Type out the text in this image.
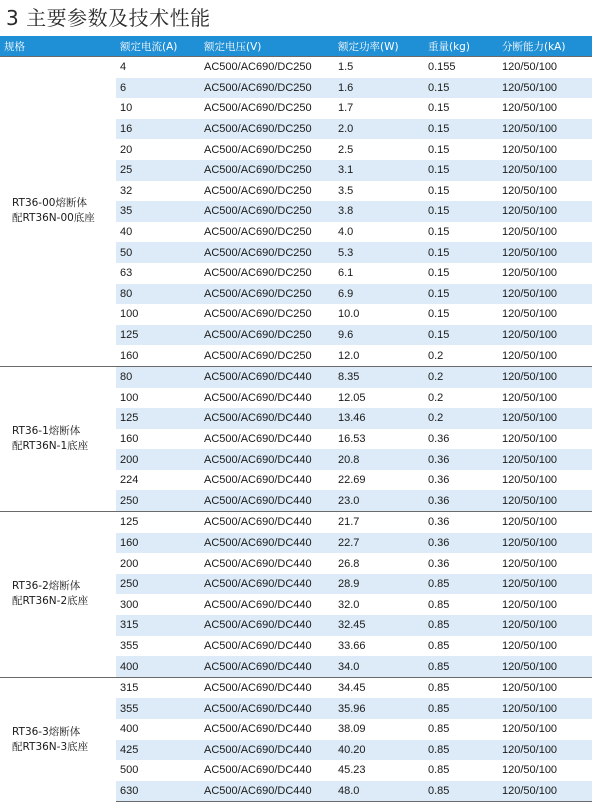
3 主要参数及技术性能
规格	额定电流(A)	额定电压(V)	额定功率(W)	重量(kg)	分断能力(kA)

RT36-00熔断体
配RT36N-00底座	4	AC500/AC690/DC250	1.5	0.155	120/50/100
	6	AC500/AC690/DC250	1.6	0.15	120/50/100
	10	AC500/AC690/DC250	1.7	0.15	120/50/100
	16	AC500/AC690/DC250	2.0	0.15	120/50/100
	20	AC500/AC690/DC250	2.5	0.15	120/50/100
	25	AC500/AC690/DC250	3.1	0.15	120/50/100
	32	AC500/AC690/DC250	3.5	0.15	120/50/100
	35	AC500/AC690/DC250	3.8	0.15	120/50/100
	40	AC500/AC690/DC250	4.0	0.15	120/50/100
	50	AC500/AC690/DC250	5.3	0.15	120/50/100
	63	AC500/AC690/DC250	6.1	0.15	120/50/100
	80	AC500/AC690/DC250	6.9	0.15	120/50/100
	100	AC500/AC690/DC250	10.0	0.15	120/50/100
	125	AC500/AC690/DC250	9.6	0.15	120/50/100
	160	AC500/AC690/DC250	12.0	0.2	120/50/100

RT36-1熔断体
配RT36N-1底座	80	AC500/AC690/DC440	8.35	0.2	120/50/100
	100	AC500/AC690/DC440	12.05	0.2	120/50/100
	125	AC500/AC690/DC440	13.46	0.2	120/50/100
	160	AC500/AC690/DC440	16.53	0.36	120/50/100
	200	AC500/AC690/DC440	20.8	0.36	120/50/100
	224	AC500/AC690/DC440	22.69	0.36	120/50/100
	250	AC500/AC690/DC440	23.0	0.36	120/50/100

RT36-2熔断体
配RT36N-2底座	125	AC500/AC690/DC440	21.7	0.36	120/50/100
	160	AC500/AC690/DC440	22.7	0.36	120/50/100
	200	AC500/AC690/DC440	26.8	0.36	120/50/100
	250	AC500/AC690/DC440	28.9	0.85	120/50/100
	300	AC500/AC690/DC440	32.0	0.85	120/50/100
	315	AC500/AC690/DC440	32.45	0.85	120/50/100
	355	AC500/AC690/DC440	33.66	0.85	120/50/100
	400	AC500/AC690/DC440	34.0	0.85	120/50/100

RT36-3熔断体
配RT36N-3底座	315	AC500/AC690/DC440	34.45	0.85	120/50/100
	355	AC500/AC690/DC440	35.96	0.85	120/50/100
	400	AC500/AC690/DC440	38.09	0.85	120/50/100
	425	AC500/AC690/DC440	40.20	0.85	120/50/100
	500	AC500/AC690/DC440	45.23	0.85	120/50/100
	630	AC500/AC690/DC440	48.0	0.85	120/50/100
